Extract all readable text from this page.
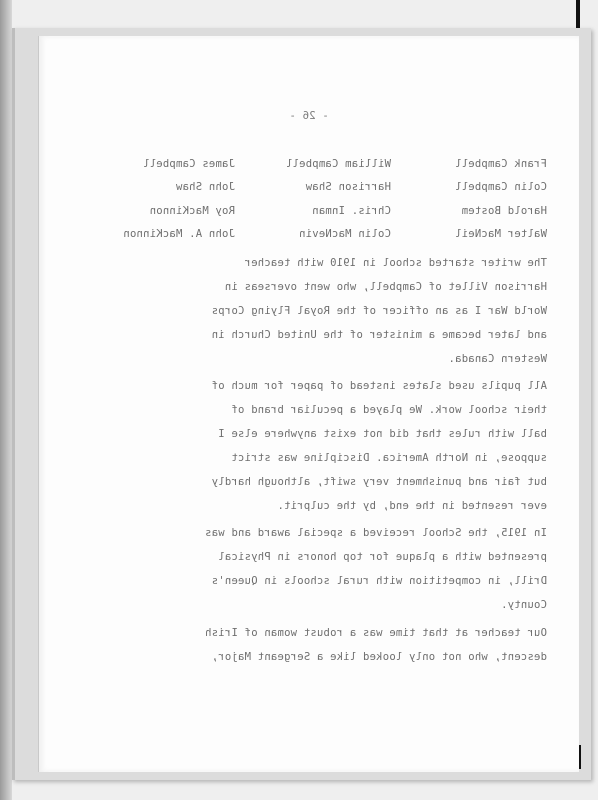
- 26 -
Frank Campbell
William Campbell
James Campbell
Colin Campbell
Harrison Shaw
John Shaw
Harold Bostem
Chris. Inman
Roy MacKinnon
Walter MacNeil
Colin MacNevin
John A. MacKinnon
The writer started school in 1910 with teacher
Harrison Villet of Campbell, who went overseas in
World War I as an officer of the Royal Flying Corps
and later became a minister of the United Church in
Western Canada.
All pupils used slates instead of paper for much of
their school work. We played a peculiar brand of
ball with rules that did not exist anywhere else I
suppose, in North America. Discipline was strict
but fair and punishment very swift, although hardly
ever resented in the end, by the culprit.
In 1915, the School received a special award and was
presented with a plaque for top honors in Physical
Drill, in competition with rural schools in Queen's
County.
Our teacher at that time was a robust woman of Irish
descent, who not only looked like a Sergeant Major,
